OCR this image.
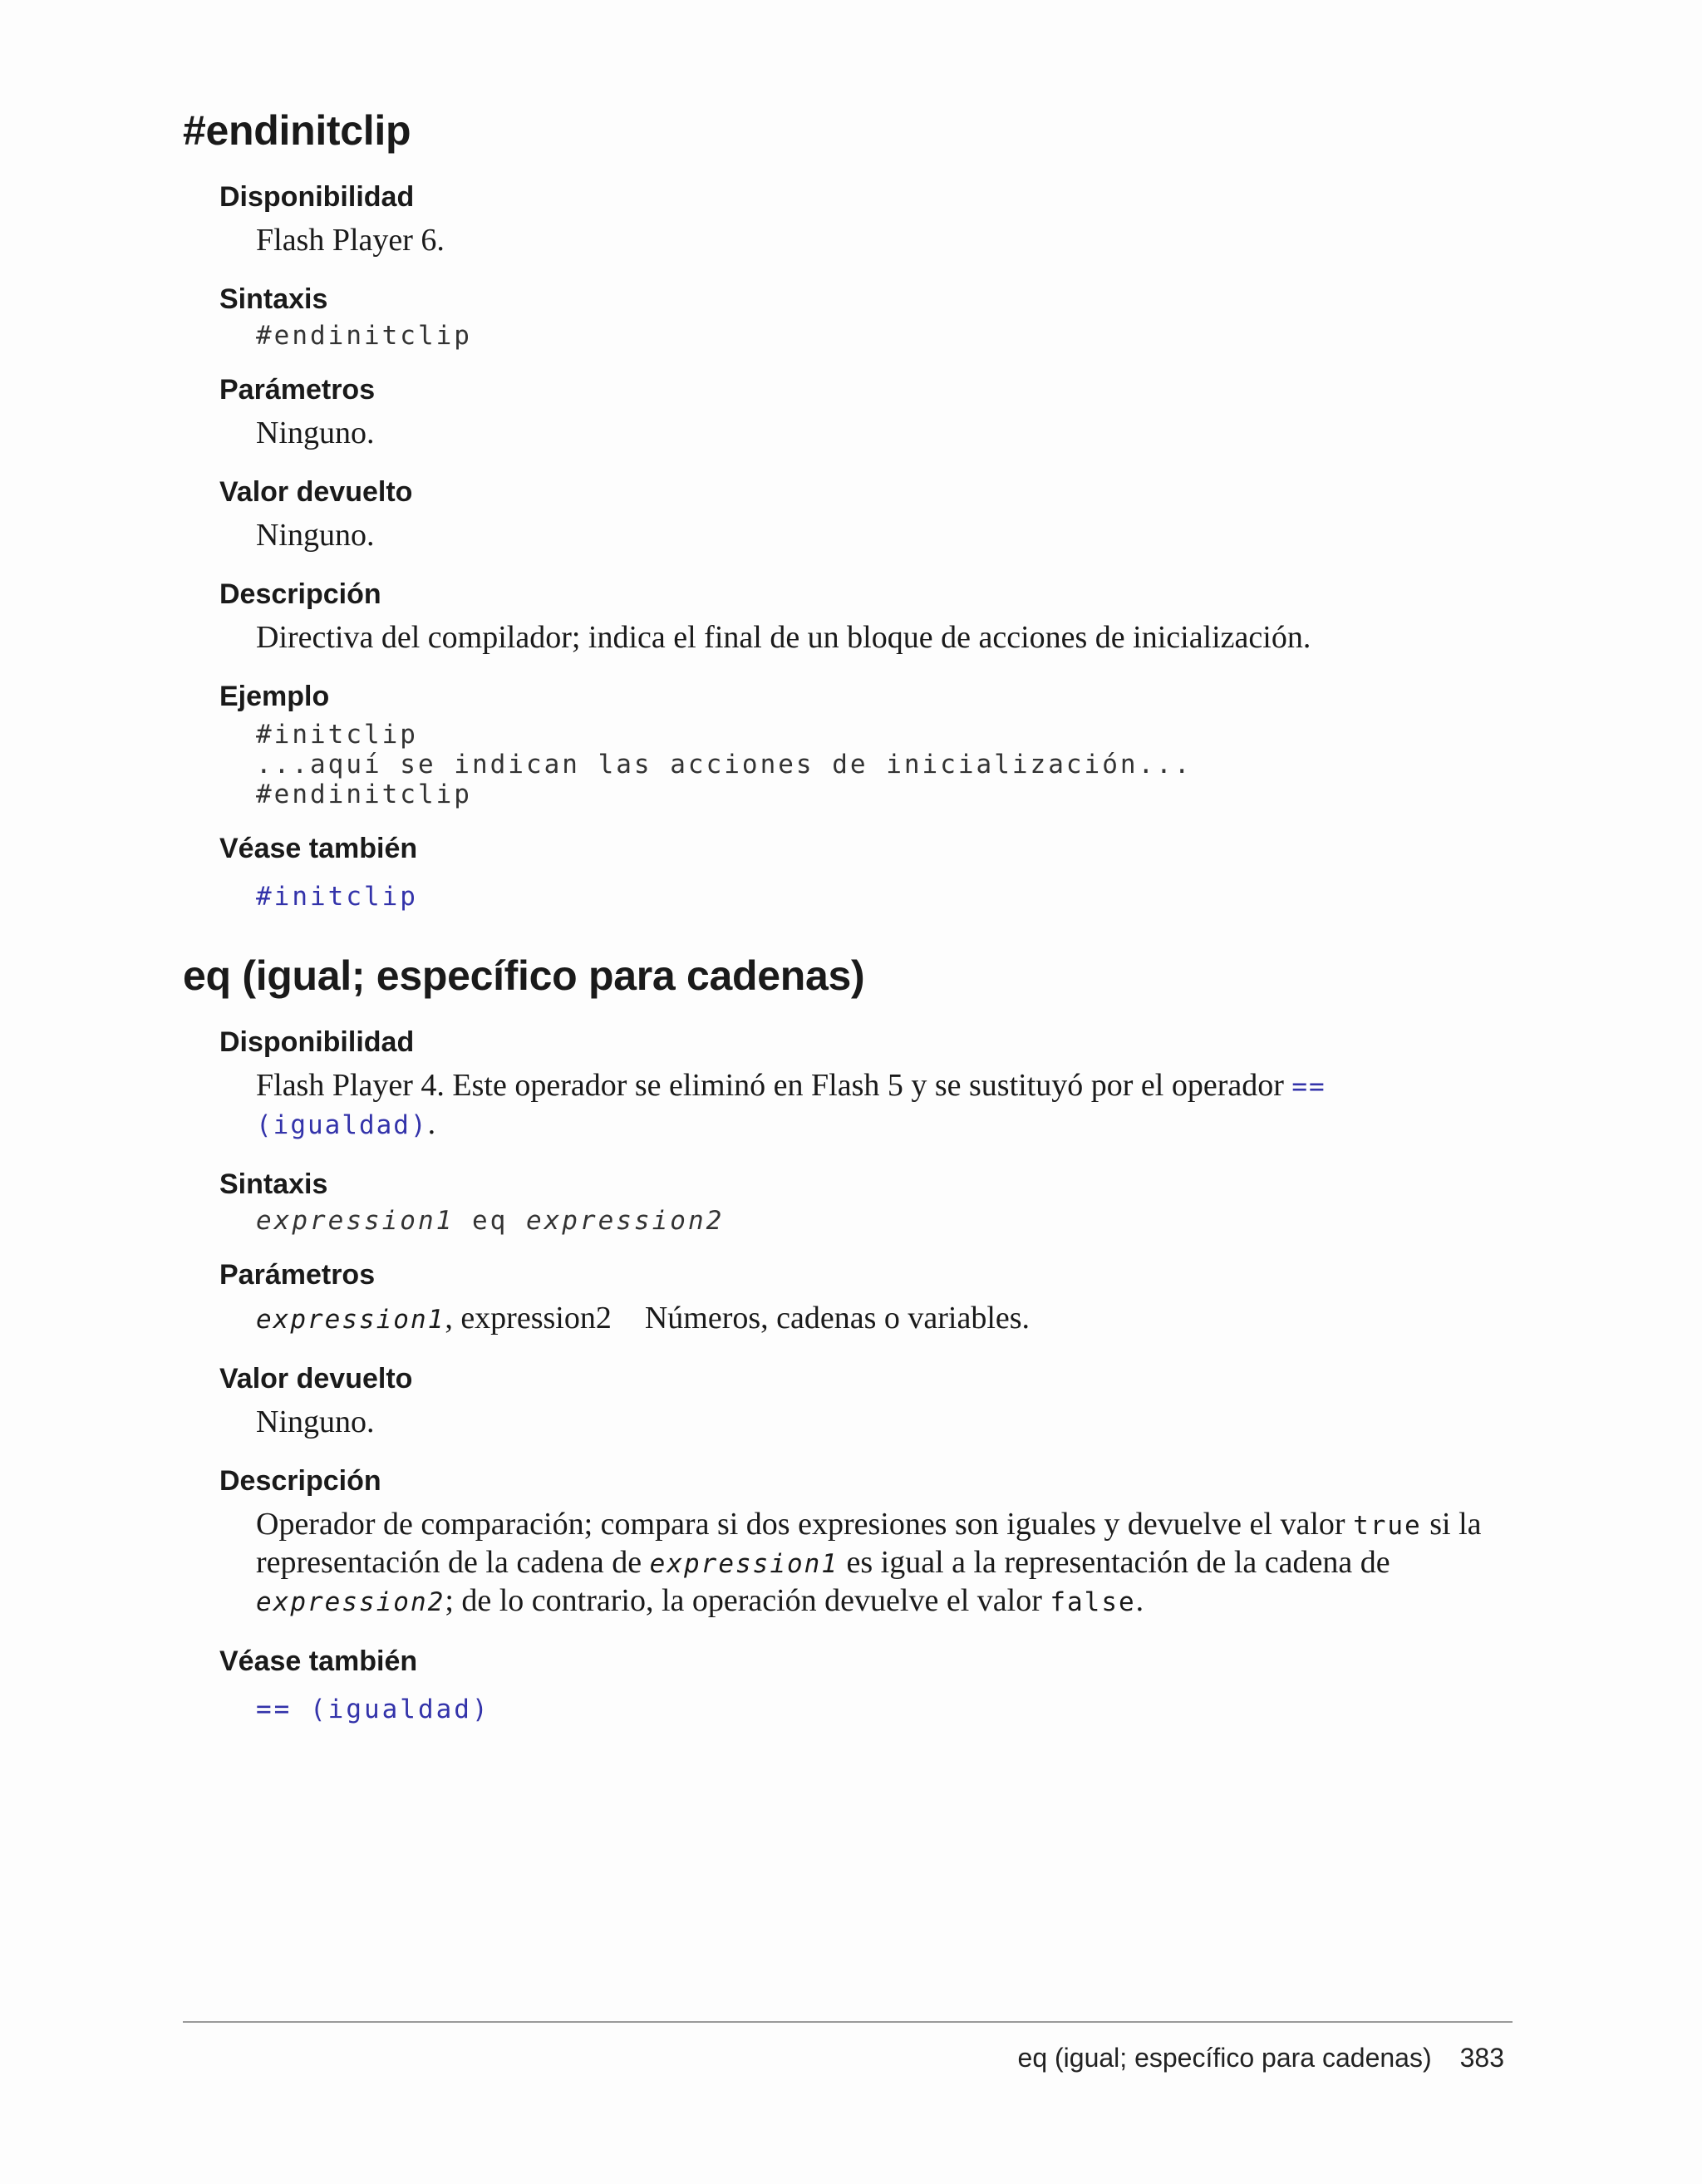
#endinitclip
Disponibilidad

Flash Player 6.

Sintaxis
#endinitclip
Parámetros

Ninguno.

Valor devuelto

Ninguno.

Descripción

Directiva del compilador; indica el final de un bloque de acciones de inicialización.

Ejemplo
#initclip
...aquí se indican las acciones de inicialización...
#endinitclip
Véase también
#initclip
eq (igual; específico para cadenas)
Disponibilidad

Flash Player 4. Este operador se eliminó en Flash 5 y se sustituyó por el operador == (igualdad).

Sintaxis
expression1 eq expression2
Parámetros

expression1, expression2 Números, cadenas o variables.

Valor devuelto

Ninguno.

Descripción

Operador de comparación; compara si dos expresiones son iguales y devuelve el valor true si la representación de la cadena de expression1 es igual a la representación de la cadena de expression2; de lo contrario, la operación devuelve el valor false.

Véase también
== (igualdad)
eq (igual; específico para cadenas) 383
